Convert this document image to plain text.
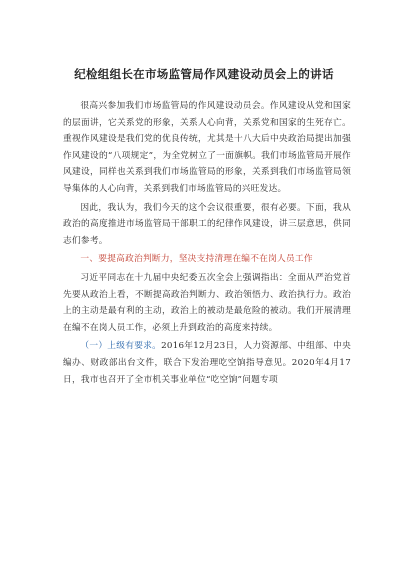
纪检组组长在市场监管局作风建设动员会上的讲话

很高兴参加我们市场监管局的作风建设动员会。作风建设从党和国家的层面讲，它关系党的形象，关系人心向背，关系党和国家的生死存亡。重视作风建设是我们党的优良传统，尤其是十八大后中央政治局提出加强作风建设的“八项规定”，为全党树立了一面旗帜。我们市场监管局开展作风建设，同样也关系到我们市场监管局的形象，关系到我们市场监管局领导集体的人心向背，关系到我们市场监管局的兴旺发达。

因此，我认为，我们今天的这个会议很重要，很有必要。下面，我从政治的高度推进市场监管局干部职工的纪律作风建设，讲三层意思，供同志们参考。

一、要提高政治判断力，坚决支持清理在编不在岗人员工作

习近平同志在十九届中央纪委五次全会上强调指出：全面从严治党首先要从政治上看，不断提高政治判断力、政治领悟力、政治执行力。政治上的主动是最有利的主动，政治上的被动是最危险的被动。我们开展清理在编不在岗人员工作，必须上升到政治的高度来持续。

（一）上级有要求。2016年12月23日，人力资源部、中组部、中央编办、财政部出台文件，联合下发治理吃空饷指导意见。2020年4月17日，我市也召开了全市机关事业单位“吃空饷”问题专项
